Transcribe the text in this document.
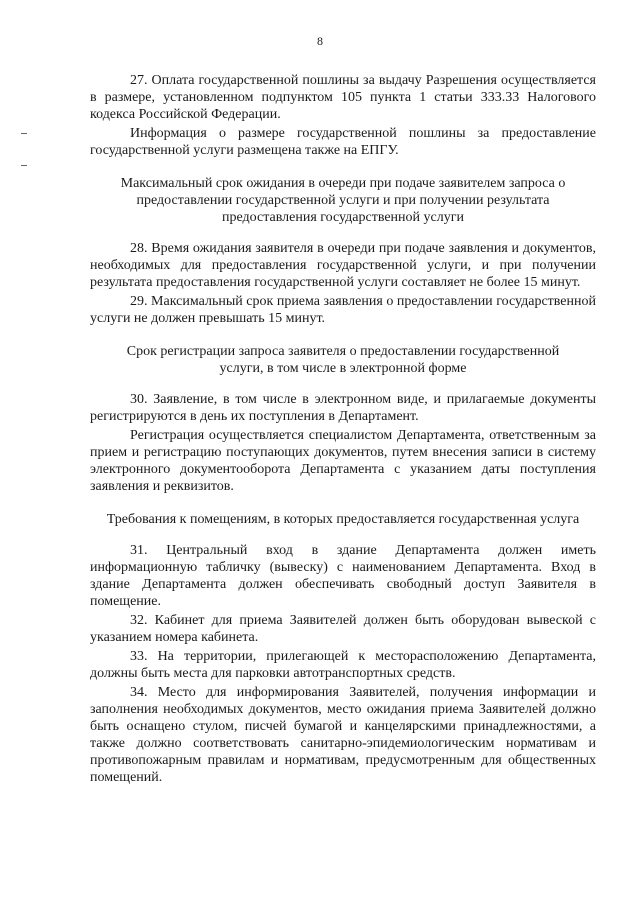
8

27. Оплата государственной пошлины за выдачу Разрешения осуществляется в размере, установленном подпунктом 105 пункта 1 статьи 333.33 Налогового кодекса Российской Федерации.

Информация о размере государственной пошлины за предоставление государственной услуги размещена также на ЕПГУ.

Максимальный срок ожидания в очереди при подаче заявителем запроса о предоставлении государственной услуги и при получении результата предоставления государственной услуги

28. Время ожидания заявителя в очереди при подаче заявления и документов, необходимых для предоставления государственной услуги, и при получении результата предоставления государственной услуги составляет не более 15 минут.

29. Максимальный срок приема заявления о предоставлении государственной услуги не должен превышать 15 минут.

Срок регистрации запроса заявителя о предоставлении государственной услуги, в том числе в электронной форме

30. Заявление, в том числе в электронном виде, и прилагаемые документы регистрируются в день их поступления в Департамент.

Регистрация осуществляется специалистом Департамента, ответственным за прием и регистрацию поступающих документов, путем внесения записи в систему электронного документооборота Департамента с указанием даты поступления заявления и реквизитов.

Требования к помещениям, в которых предоставляется государственная услуга

31. Центральный вход в здание Департамента должен иметь информационную табличку (вывеску) с наименованием Департамента. Вход в здание Департамента должен обеспечивать свободный доступ Заявителя в помещение.

32. Кабинет для приема Заявителей должен быть оборудован вывеской с указанием номера кабинета.

33. На территории, прилегающей к месторасположению Департамента, должны быть места для парковки автотранспортных средств.

34. Место для информирования Заявителей, получения информации и заполнения необходимых документов, место ожидания приема Заявителей должно быть оснащено стулом, писчей бумагой и канцелярскими принадлежностями, а также должно соответствовать санитарно-эпидемиологическим нормативам и противопожарным правилам и нормативам, предусмотренным для общественных помещений.
